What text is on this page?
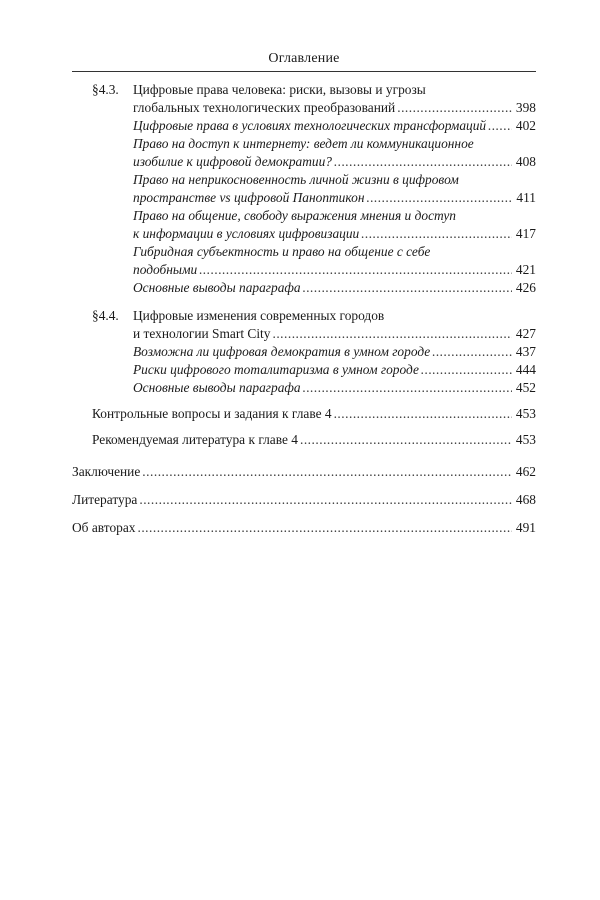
Оглавление
§4.3. Цифровые права человека: риски, вызовы и угрозы
глобальных технологических преобразований .....	398
Цифровые права в условиях технологических трансформаций ..... 402
Право на доступ к интернету: ведет ли коммуникационное
изобилие к цифровой демократии? .....	408
Право на неприкосновенность личной жизни в цифровом
пространстве vs цифровой Паноптикон .....	411
Право на общение, свободу выражения мнения и доступ
к информации в условиях цифровизации .....	417
Гибридная субъектность и право на общение с себе
подобными .....	421
Основные выводы параграфа .....	426
§4.4. Цифровые изменения современных городов
и технологии Smart City .....	427
Возможна ли цифровая демократия в умном городе .....	437
Риски цифрового тоталитаризма в умном городе .....	444
Основные выводы параграфа .....	452
Контрольные вопросы и задания к главе 4 .....	453
Рекомендуемая литература к главе 4 .....	453
Заключение .....	462
Литература .....	468
Об авторах .....	491
